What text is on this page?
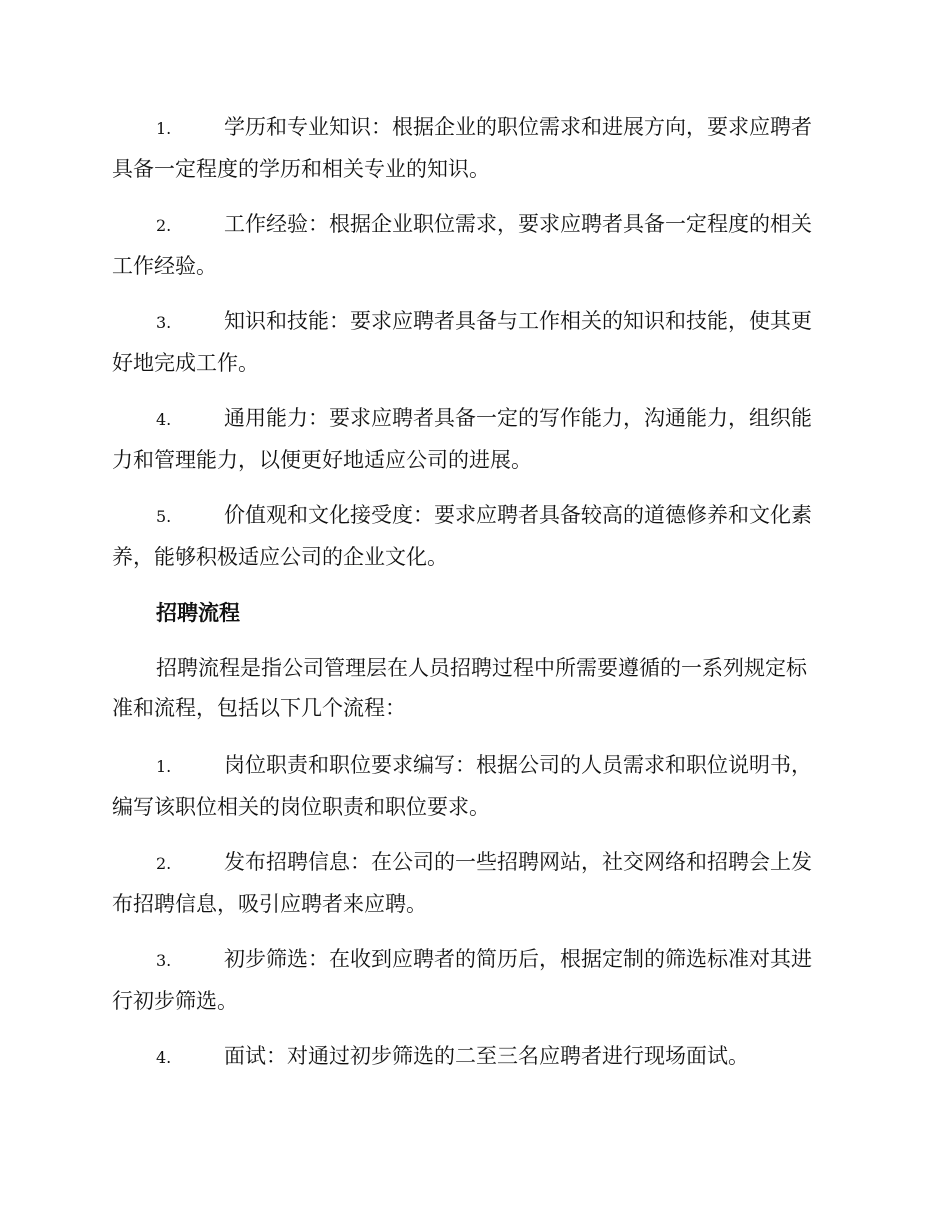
1.	学历和专业知识：根据企业的职位需求和进展方向，要求应聘者
具备一定程度的学历和相关专业的知识。
2.	工作经验：根据企业职位需求，要求应聘者具备一定程度的相关
工作经验。
3.	知识和技能：要求应聘者具备与工作相关的知识和技能，使其更
好地完成工作。
4.	通用能力：要求应聘者具备一定的写作能力，沟通能力，组织能
力和管理能力，以便更好地适应公司的进展。
5.	价值观和文化接受度：要求应聘者具备较高的道德修养和文化素
养，能够积极适应公司的企业文化。
招聘流程
招聘流程是指公司管理层在人员招聘过程中所需要遵循的一系列规定标
准和流程，包括以下几个流程：
1.	岗位职责和职位要求编写：根据公司的人员需求和职位说明书，
编写该职位相关的岗位职责和职位要求。
2.	发布招聘信息：在公司的一些招聘网站，社交网络和招聘会上发
布招聘信息，吸引应聘者来应聘。
3.	初步筛选：在收到应聘者的简历后，根据定制的筛选标准对其进
行初步筛选。
4.	面试：对通过初步筛选的二至三名应聘者进行现场面试。
